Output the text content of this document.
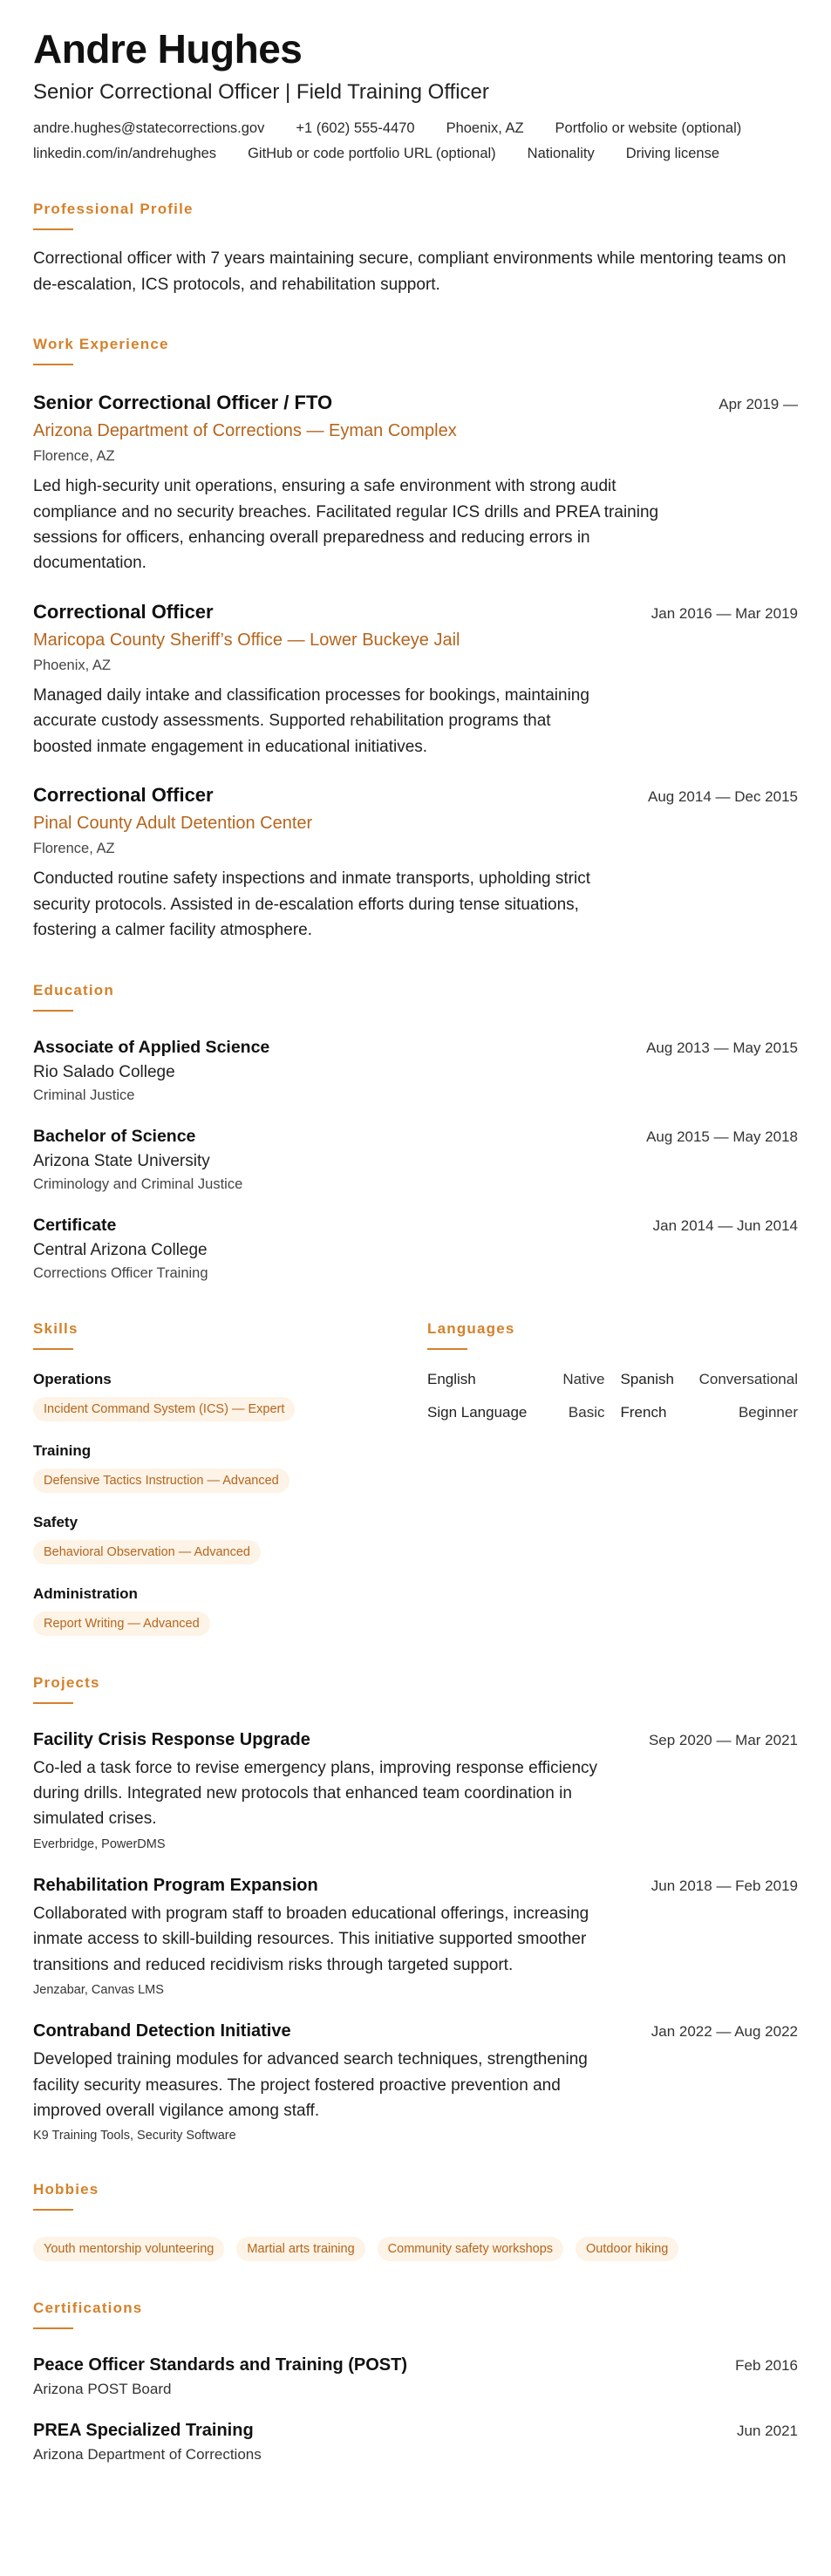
Andre Hughes
Senior Correctional Officer | Field Training Officer
andre.hughes@statecorrections.gov +1 (602) 555-4470 Phoenix, AZ Portfolio or website (optional)
linkedin.com/in/andrehughes GitHub or code portfolio URL (optional) Nationality Driving license
Professional Profile
Correctional officer with 7 years maintaining secure, compliant environments while mentoring teams on de-escalation, ICS protocols, and rehabilitation support.
Work Experience
Senior Correctional Officer / FTO	Apr 2019 —
Arizona Department of Corrections — Eyman Complex
Florence, AZ
Led high-security unit operations, ensuring a safe environment with strong audit compliance and no security breaches. Facilitated regular ICS drills and PREA training sessions for officers, enhancing overall preparedness and reducing errors in documentation.
Correctional Officer	Jan 2016 — Mar 2019
Maricopa County Sheriff’s Office — Lower Buckeye Jail
Phoenix, AZ
Managed daily intake and classification processes for bookings, maintaining accurate custody assessments. Supported rehabilitation programs that boosted inmate engagement in educational initiatives.
Correctional Officer	Aug 2014 — Dec 2015
Pinal County Adult Detention Center
Florence, AZ
Conducted routine safety inspections and inmate transports, upholding strict security protocols. Assisted in de-escalation efforts during tense situations, fostering a calmer facility atmosphere.
Education
Associate of Applied Science	Aug 2013 — May 2015
Rio Salado College
Criminal Justice
Bachelor of Science	Aug 2015 — May 2018
Arizona State University
Criminology and Criminal Justice
Certificate	Jan 2014 — Jun 2014
Central Arizona College
Corrections Officer Training
Skills
Operations
Incident Command System (ICS) — Expert
Training
Defensive Tactics Instruction — Advanced
Safety
Behavioral Observation — Advanced
Administration
Report Writing — Advanced
Languages
English	Native Spanish Conversational
Sign Language	Basic French	Beginner
Projects
Facility Crisis Response Upgrade	Sep 2020 — Mar 2021
Co-led a task force to revise emergency plans, improving response efficiency during drills. Integrated new protocols that enhanced team coordination in simulated crises.
Everbridge, PowerDMS
Rehabilitation Program Expansion	Jun 2018 — Feb 2019
Collaborated with program staff to broaden educational offerings, increasing inmate access to skill-building resources. This initiative supported smoother transitions and reduced recidivism risks through targeted support.
Jenzabar, Canvas LMS
Contraband Detection Initiative	Jan 2022 — Aug 2022
Developed training modules for advanced search techniques, strengthening facility security measures. The project fostered proactive prevention and improved overall vigilance among staff.
K9 Training Tools, Security Software
Hobbies
Youth mentorship volunteering	Martial arts training	Community safety workshops	Outdoor hiking
Certifications
Peace Officer Standards and Training (POST)	Feb 2016
Arizona POST Board
PREA Specialized Training	Jun 2021
Arizona Department of Corrections
